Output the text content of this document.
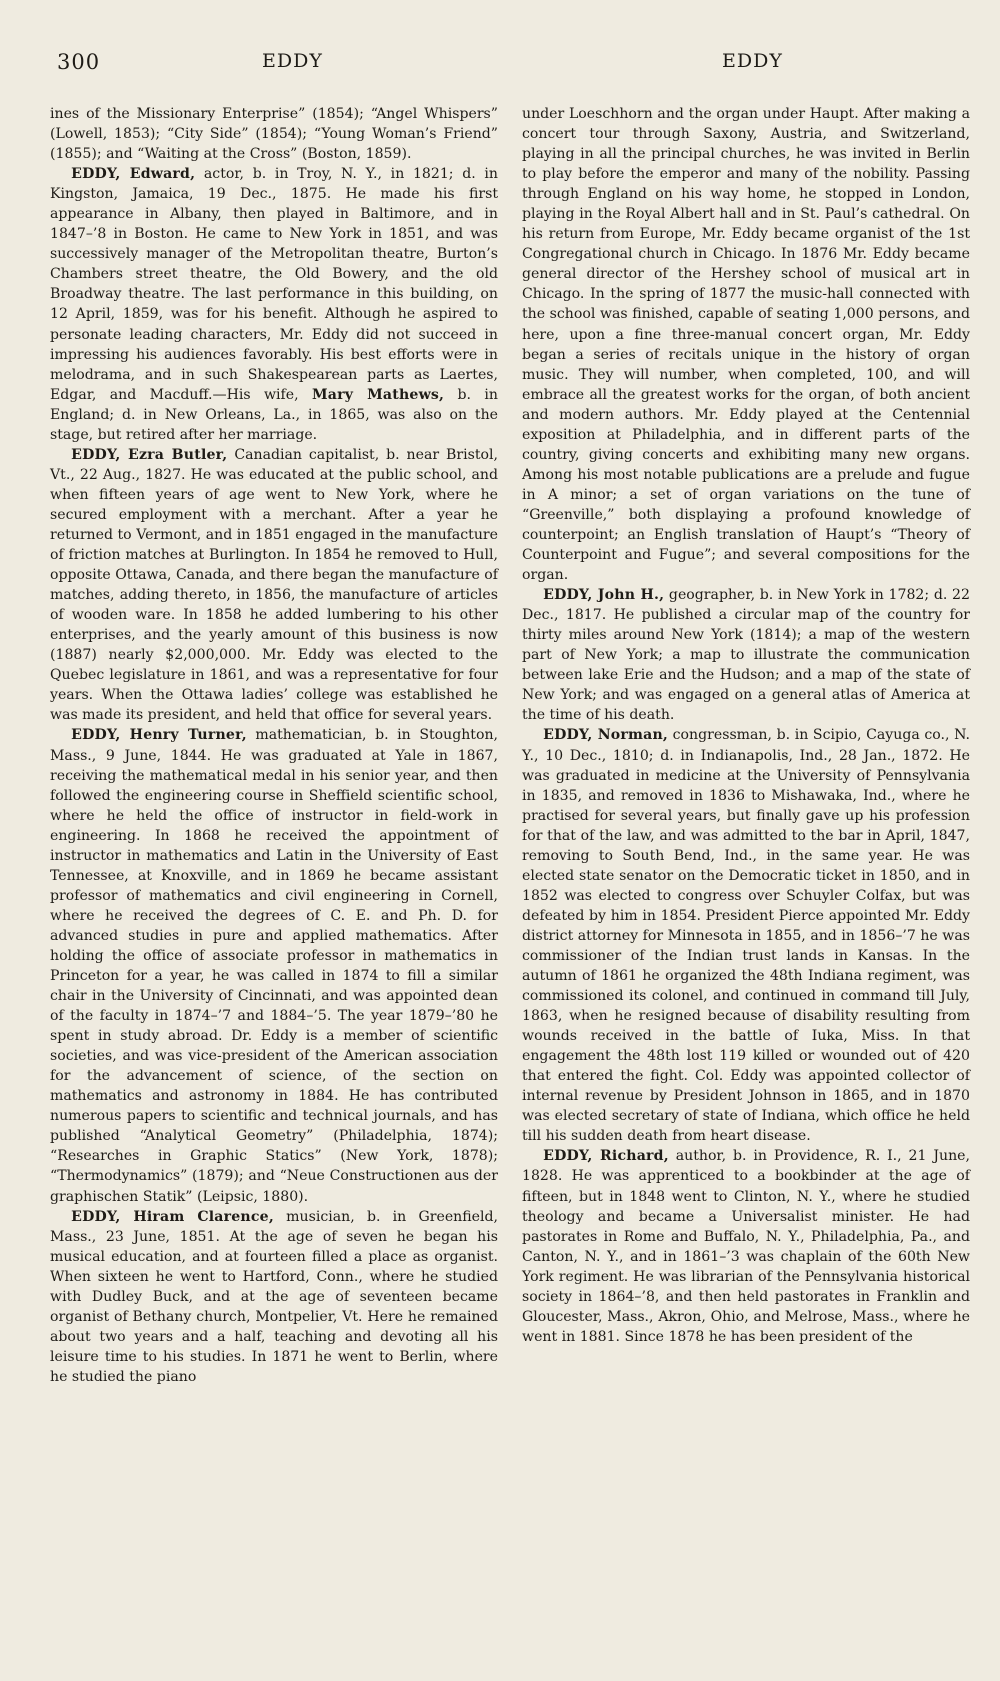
300	EDDY	EDDY

ines of the Missionary Enterprise” (1854); “Angel Whispers” (Lowell, 1853); “City Side” (1854); “Young Woman’s Friend” (1855); and “Waiting at the Cross” (Boston, 1859).

EDDY, Edward, actor, b. in Troy, N. Y., in 1821; d. in Kingston, Jamaica, 19 Dec., 1875. He made his first appearance in Albany, then played in Baltimore, and in 1847–’8 in Boston. He came to New York in 1851, and was successively manager of the Metropolitan theatre, Burton’s Chambers street theatre, the Old Bowery, and the old Broadway theatre. The last performance in this building, on 12 April, 1859, was for his benefit. Although he aspired to personate leading characters, Mr. Eddy did not succeed in impressing his audiences favorably. His best efforts were in melodrama, and in such Shakespearean parts as Laertes, Edgar, and Macduff.—His wife, Mary Mathews, b. in England; d. in New Orleans, La., in 1865, was also on the stage, but retired after her marriage.

EDDY, Ezra Butler, Canadian capitalist, b. near Bristol, Vt., 22 Aug., 1827. He was educated at the public school, and when fifteen years of age went to New York, where he secured employment with a merchant. After a year he returned to Vermont, and in 1851 engaged in the manufacture of friction matches at Burlington. In 1854 he removed to Hull, opposite Ottawa, Canada, and there began the manufacture of matches, adding thereto, in 1856, the manufacture of articles of wooden ware. In 1858 he added lumbering to his other enterprises, and the yearly amount of this business is now (1887) nearly $2,000,000. Mr. Eddy was elected to the Quebec legislature in 1861, and was a representative for four years. When the Ottawa ladies’ college was established he was made its president, and held that office for several years.

EDDY, Henry Turner, mathematician, b. in Stoughton, Mass., 9 June, 1844. He was graduated at Yale in 1867, receiving the mathematical medal in his senior year, and then followed the engineering course in Sheffield scientific school, where he held the office of instructor in field-work in engineering. In 1868 he received the appointment of instructor in mathematics and Latin in the University of East Tennessee, at Knoxville, and in 1869 he became assistant professor of mathematics and civil engineering in Cornell, where he received the degrees of C. E. and Ph. D. for advanced studies in pure and applied mathematics. After holding the office of associate professor in mathematics in Princeton for a year, he was called in 1874 to fill a similar chair in the University of Cincinnati, and was appointed dean of the faculty in 1874–’7 and 1884–’5. The year 1879–’80 he spent in study abroad. Dr. Eddy is a member of scientific societies, and was vice-president of the American association for the advancement of science, of the section on mathematics and astronomy in 1884. He has contributed numerous papers to scientific and technical journals, and has published “Analytical Geometry” (Philadelphia, 1874); “Researches in Graphic Statics” (New York, 1878); “Thermodynamics” (1879); and “Neue Constructionen aus der graphischen Statik” (Leipsic, 1880).

EDDY, Hiram Clarence, musician, b. in Greenfield, Mass., 23 June, 1851. At the age of seven he began his musical education, and at fourteen filled a place as organist. When sixteen he went to Hartford, Conn., where he studied with Dudley Buck, and at the age of seventeen became organist of Bethany church, Montpelier, Vt. Here he remained about two years and a half, teaching and devoting all his leisure time to his studies. In 1871 he went to Berlin, where he studied the piano

under Loeschhorn and the organ under Haupt. After making a concert tour through Saxony, Austria, and Switzerland, playing in all the principal churches, he was invited in Berlin to play before the emperor and many of the nobility. Passing through England on his way home, he stopped in London, playing in the Royal Albert hall and in St. Paul’s cathedral. On his return from Europe, Mr. Eddy became organist of the 1st Congregational church in Chicago. In 1876 Mr. Eddy became general director of the Hershey school of musical art in Chicago. In the spring of 1877 the music-hall connected with the school was finished, capable of seating 1,000 persons, and here, upon a fine three-manual concert organ, Mr. Eddy began a series of recitals unique in the history of organ music. They will number, when completed, 100, and will embrace all the greatest works for the organ, of both ancient and modern authors. Mr. Eddy played at the Centennial exposition at Philadelphia, and in different parts of the country, giving concerts and exhibiting many new organs. Among his most notable publications are a prelude and fugue in A minor; a set of organ variations on the tune of “Greenville,” both displaying a profound knowledge of counterpoint; an English translation of Haupt’s “Theory of Counterpoint and Fugue”; and several compositions for the organ.

EDDY, John H., geographer, b. in New York in 1782; d. 22 Dec., 1817. He published a circular map of the country for thirty miles around New York (1814); a map of the western part of New York; a map to illustrate the communication between lake Erie and the Hudson; and a map of the state of New York; and was engaged on a general atlas of America at the time of his death.

EDDY, Norman, congressman, b. in Scipio, Cayuga co., N. Y., 10 Dec., 1810; d. in Indianapolis, Ind., 28 Jan., 1872. He was graduated in medicine at the University of Pennsylvania in 1835, and removed in 1836 to Mishawaka, Ind., where he practised for several years, but finally gave up his profession for that of the law, and was admitted to the bar in April, 1847, removing to South Bend, Ind., in the same year. He was elected state senator on the Democratic ticket in 1850, and in 1852 was elected to congress over Schuyler Colfax, but was defeated by him in 1854. President Pierce appointed Mr. Eddy district attorney for Minnesota in 1855, and in 1856–’7 he was commissioner of the Indian trust lands in Kansas. In the autumn of 1861 he organized the 48th Indiana regiment, was commissioned its colonel, and continued in command till July, 1863, when he resigned because of disability resulting from wounds received in the battle of Iuka, Miss. In that engagement the 48th lost 119 killed or wounded out of 420 that entered the fight. Col. Eddy was appointed collector of internal revenue by President Johnson in 1865, and in 1870 was elected secretary of state of Indiana, which office he held till his sudden death from heart disease.

EDDY, Richard, author, b. in Providence, R. I., 21 June, 1828. He was apprenticed to a bookbinder at the age of fifteen, but in 1848 went to Clinton, N. Y., where he studied theology and became a Universalist minister. He had pastorates in Rome and Buffalo, N. Y., Philadelphia, Pa., and Canton, N. Y., and in 1861–’3 was chaplain of the 60th New York regiment. He was librarian of the Pennsylvania historical society in 1864–’8, and then held pastorates in Franklin and Gloucester, Mass., Akron, Ohio, and Melrose, Mass., where he went in 1881. Since 1878 he has been president of the
